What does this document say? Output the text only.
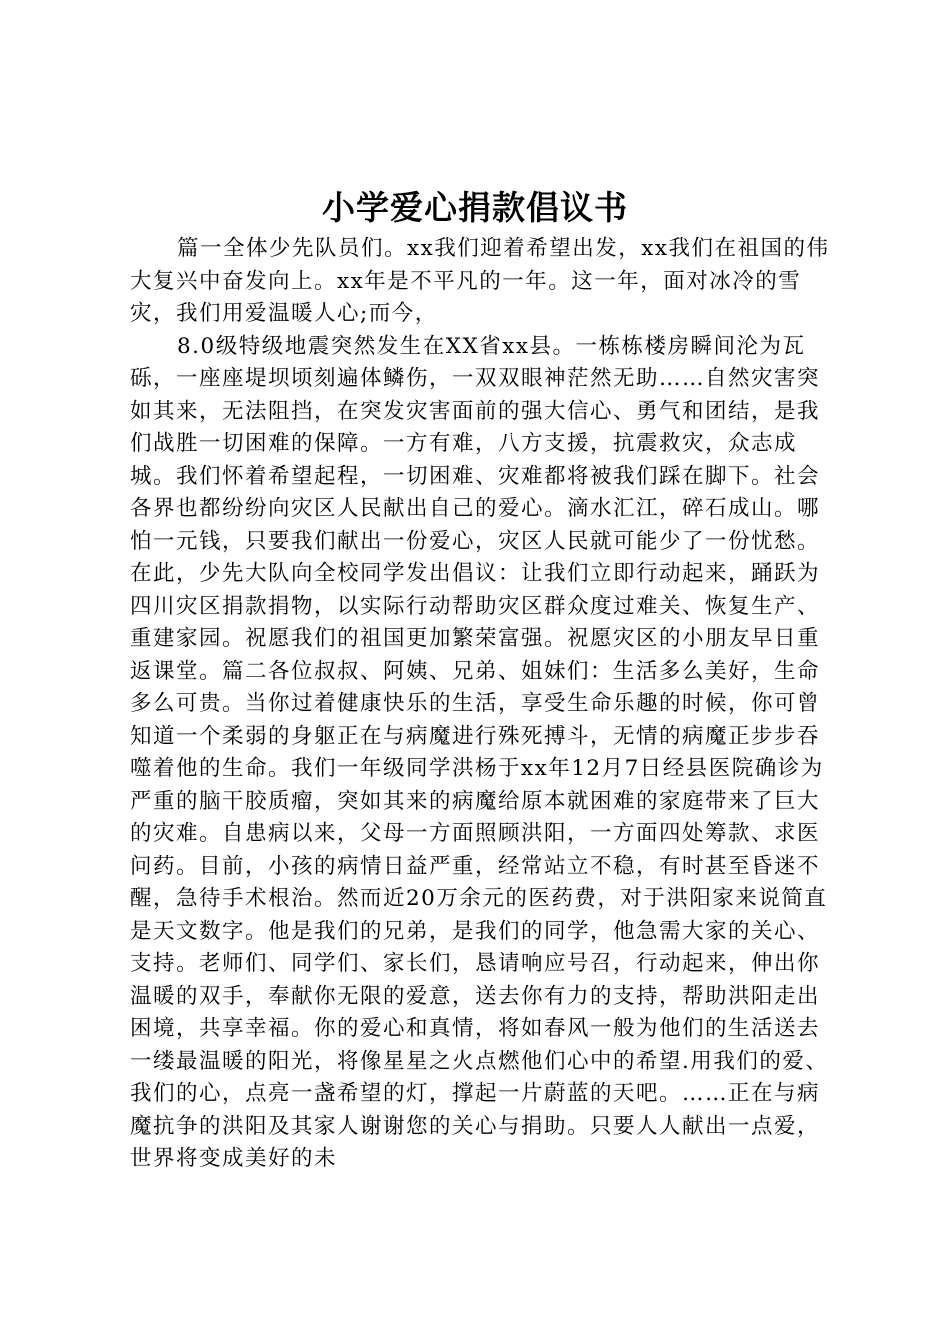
小学爱心捐款倡议书

篇一全体少先队员们。xx我们迎着希望出发，xx我们在祖国的伟大复兴中奋发向上。xx年是不平凡的一年。这一年，面对冰冷的雪灾，我们用爱温暖人心;而今，

8.0级特级地震突然发生在XX省xx县。一栋栋楼房瞬间沦为瓦砾，一座座堤坝顷刻遍体鳞伤，一双双眼神茫然无助……自然灾害突如其来，无法阻挡，在突发灾害面前的强大信心、勇气和团结，是我们战胜一切困难的保障。一方有难，八方支援，抗震救灾，众志成城。我们怀着希望起程，一切困难、灾难都将被我们踩在脚下。社会各界也都纷纷向灾区人民献出自己的爱心。滴水汇江，碎石成山。哪怕一元钱，只要我们献出一份爱心，灾区人民就可能少了一份忧愁。在此，少先大队向全校同学发出倡议：让我们立即行动起来，踊跃为四川灾区捐款捐物，以实际行动帮助灾区群众度过难关、恢复生产、重建家园。祝愿我们的祖国更加繁荣富强。祝愿灾区的小朋友早日重返课堂。篇二各位叔叔、阿姨、兄弟、姐妹们：生活多么美好，生命多么可贵。当你过着健康快乐的生活，享受生命乐趣的时候，你可曾知道一个柔弱的身躯正在与病魔进行殊死搏斗，无情的病魔正步步吞噬着他的生命。我们一年级同学洪杨于xx年12月7日经县医院确诊为严重的脑干胶质瘤，突如其来的病魔给原本就困难的家庭带来了巨大的灾难。自患病以来，父母一方面照顾洪阳，一方面四处筹款、求医问药。目前，小孩的病情日益严重，经常站立不稳，有时甚至昏迷不醒，急待手术根治。然而近20万余元的医药费，对于洪阳家来说简直是天文数字。他是我们的兄弟，是我们的同学，他急需大家的关心、支持。老师们、同学们、家长们，恳请响应号召，行动起来，伸出你温暖的双手，奉献你无限的爱意，送去你有力的支持，帮助洪阳走出困境，共享幸福。你的爱心和真情，将如春风一般为他们的生活送去一缕最温暖的阳光，将像星星之火点燃他们心中的希望.用我们的爱、我们的心，点亮一盏希望的灯，撑起一片蔚蓝的天吧。……正在与病魔抗争的洪阳及其家人谢谢您的关心与捐助。只要人人献出一点爱，世界将变成美好的未
